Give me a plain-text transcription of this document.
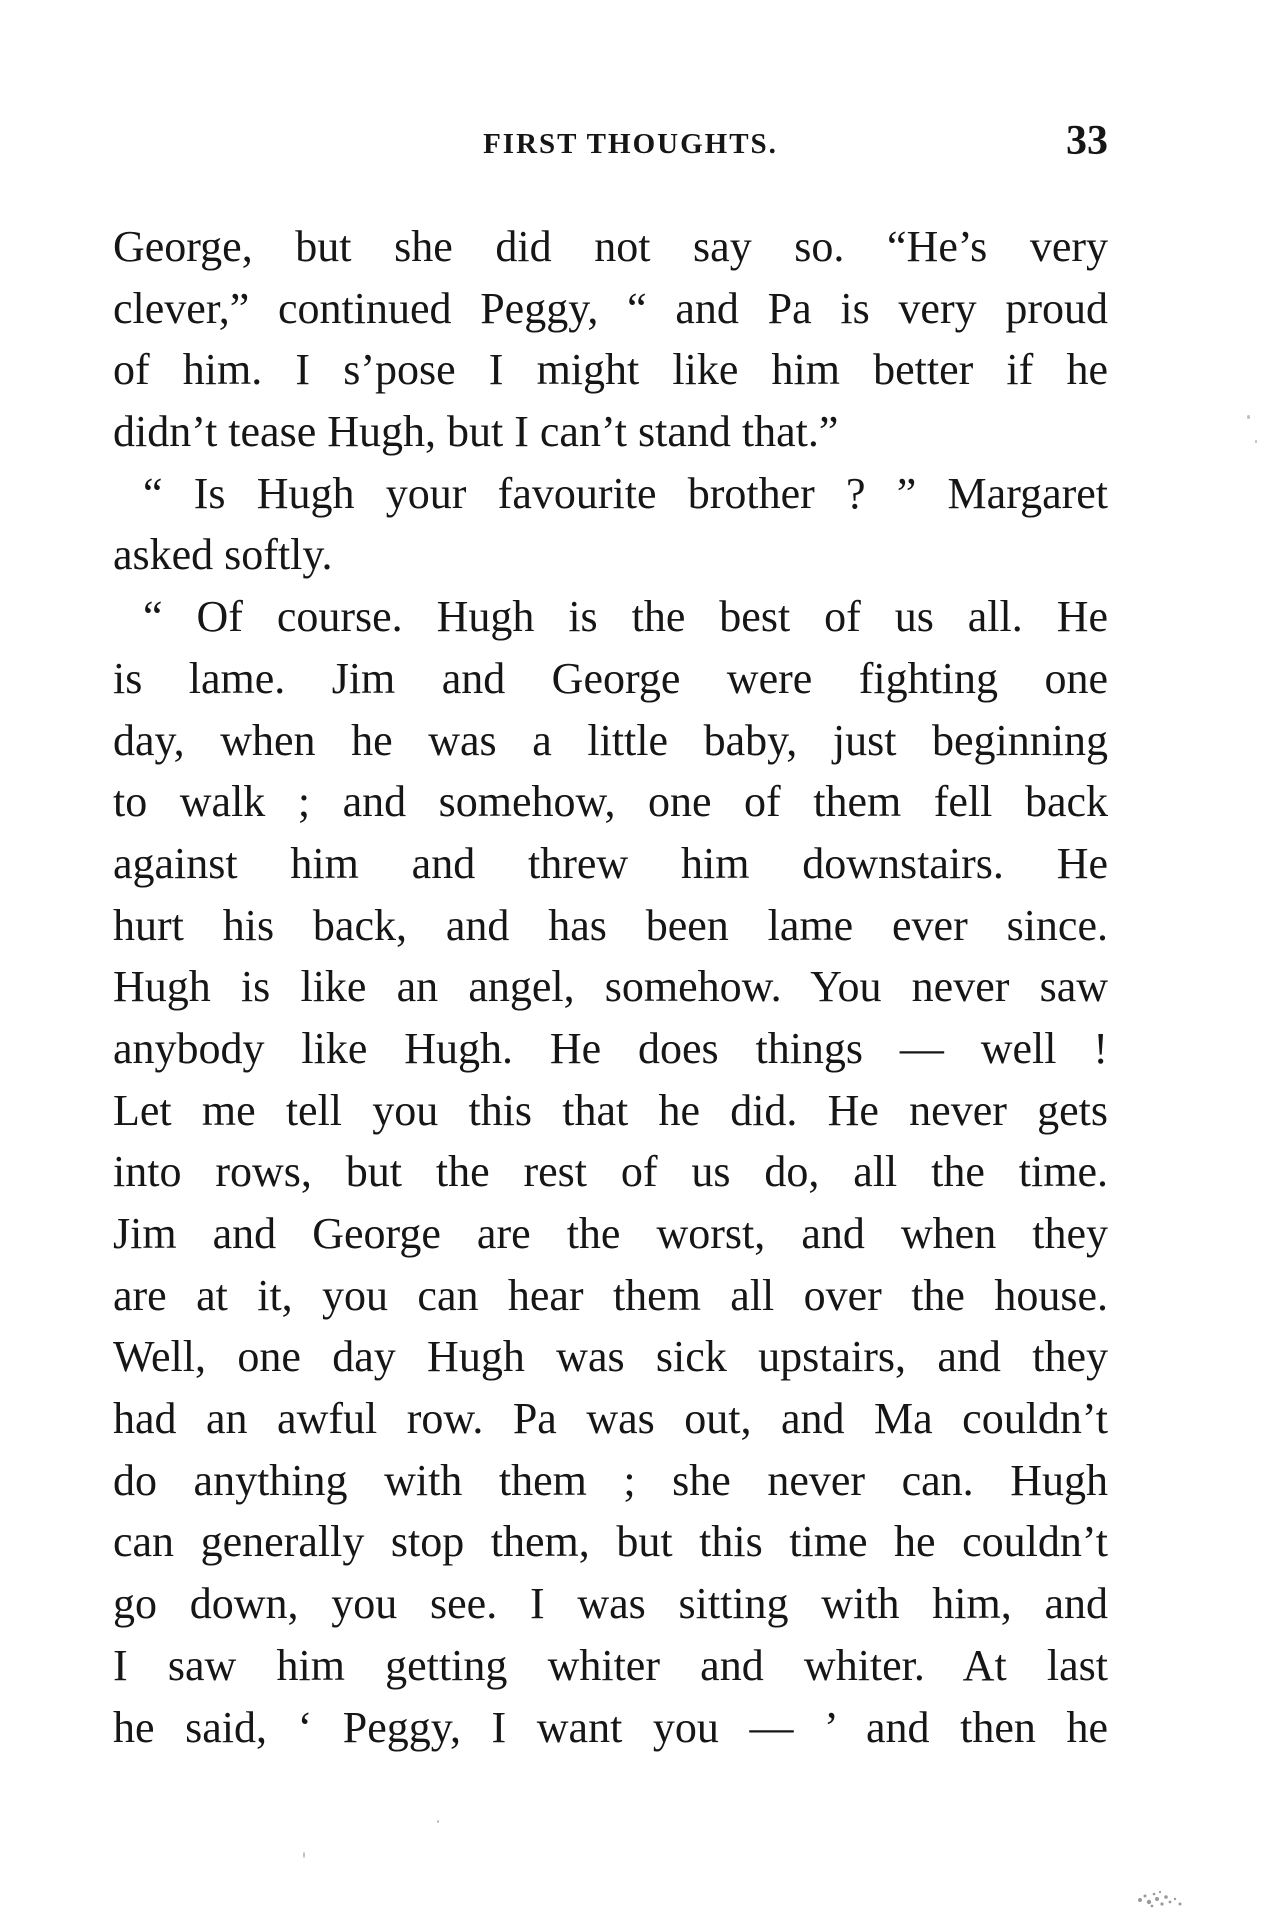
FIRST THOUGHTS.	33
George, but she did not say so. “He’s very
clever,” continued Peggy, “ and Pa is very proud
of him. I s’pose I might like him better if he
didn’t tease Hugh, but I can’t stand that.”
“ Is Hugh your favourite brother ? ” Margaret
asked softly.
“ Of course. Hugh is the best of us all. He
is lame. Jim and George were fighting one
day, when he was a little baby, just beginning
to walk ; and somehow, one of them fell back
against him and threw him downstairs. He
hurt his back, and has been lame ever since.
Hugh is like an angel, somehow. You never saw
anybody like Hugh. He does things — well !
Let me tell you this that he did. He never gets
into rows, but the rest of us do, all the time.
Jim and George are the worst, and when they
are at it, you can hear them all over the house.
Well, one day Hugh was sick upstairs, and they
had an awful row. Pa was out, and Ma couldn’t
do anything with them ; she never can. Hugh
can generally stop them, but this time he couldn’t
go down, you see. I was sitting with him, and
I saw him getting whiter and whiter. At last
he said, ‘ Peggy, I want you — ’ and then he
